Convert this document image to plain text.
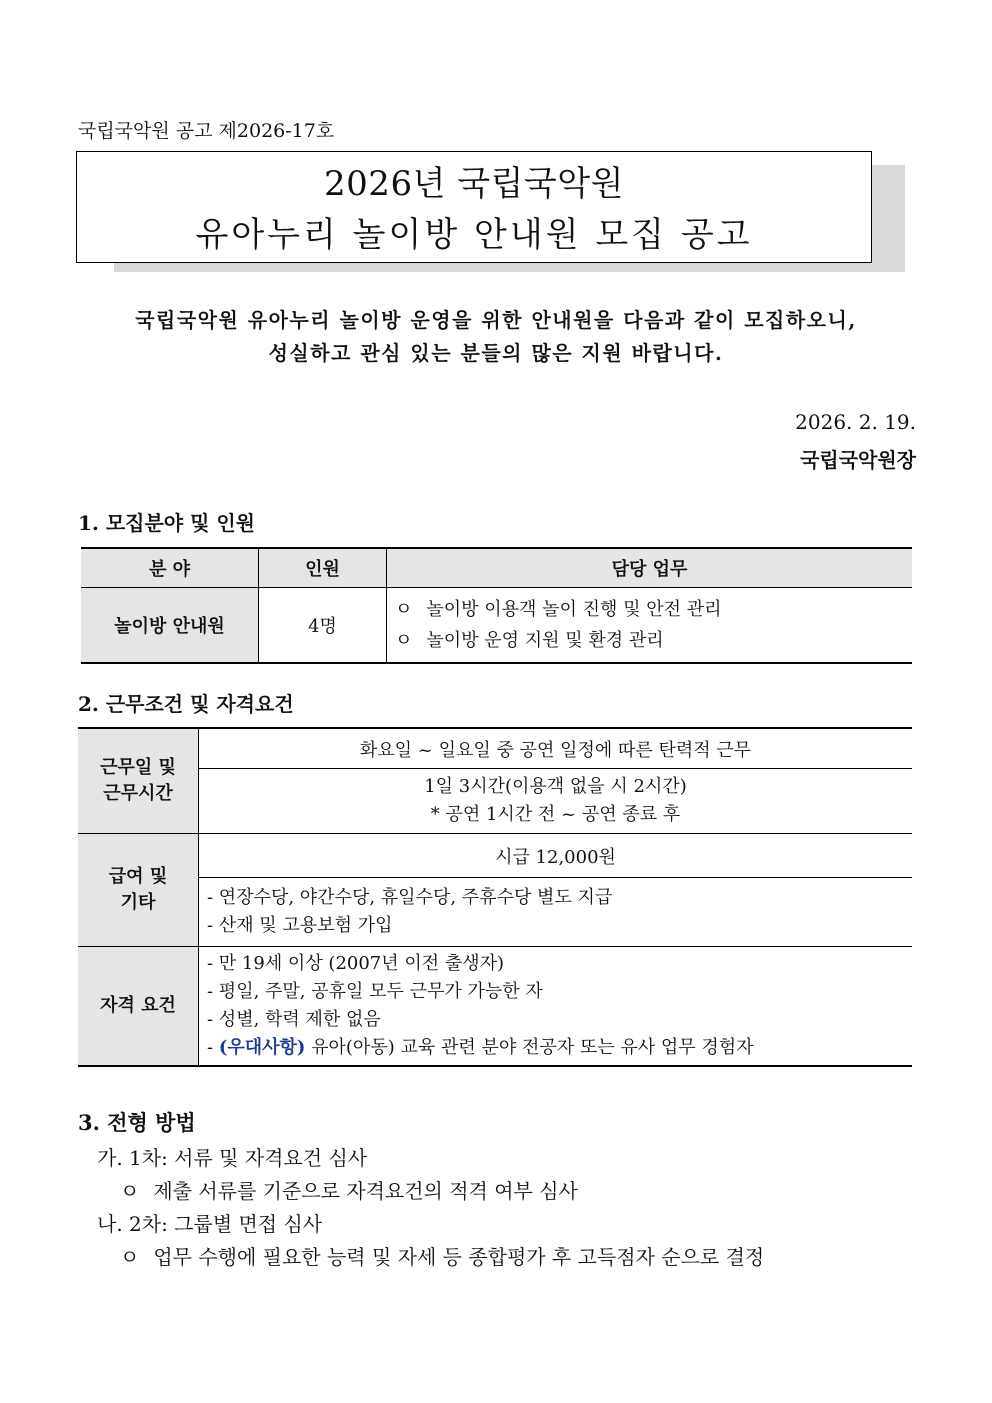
국립국악원 공고 제2026-17호
2026년 국립국악원
유아누리 놀이방 안내원 모집 공고
국립국악원 유아누리 놀이방 운영을 위한 안내원을 다음과 같이 모집하오니,
성실하고 관심 있는 분들의 많은 지원 바랍니다.
2026. 2. 19.
국립국악원장
1. 모집분야 및 인원
분 야	인원	담당 업무
놀이방 안내원	4명	ㅇ 놀이방 이용객 놀이 진행 및 안전 관리
ㅇ 놀이방 운영 지원 및 환경 관리
2. 근무조건 및 자격요건
근무일 및
근무시간	화요일 ~ 일요일 중 공연 일정에 따른 탄력적 근무
	1일 3시간(이용객 없을 시 2시간)
* 공연 1시간 전 ~ 공연 종료 후
급여 및
기타	시급 12,000원
	- 연장수당, 야간수당, 휴일수당, 주휴수당 별도 지급
- 산재 및 고용보험 가입
자격 요건	- 만 19세 이상 (2007년 이전 출생자)
- 평일, 주말, 공휴일 모두 근무가 가능한 자
- 성별, 학력 제한 없음
- (우대사항) 유아(아동) 교육 관련 분야 전공자 또는 유사 업무 경험자
3. 전형 방법
가. 1차: 서류 및 자격요건 심사
ㅇ 제출 서류를 기준으로 자격요건의 적격 여부 심사
나. 2차: 그룹별 면접 심사
ㅇ 업무 수행에 필요한 능력 및 자세 등 종합평가 후 고득점자 순으로 결정
